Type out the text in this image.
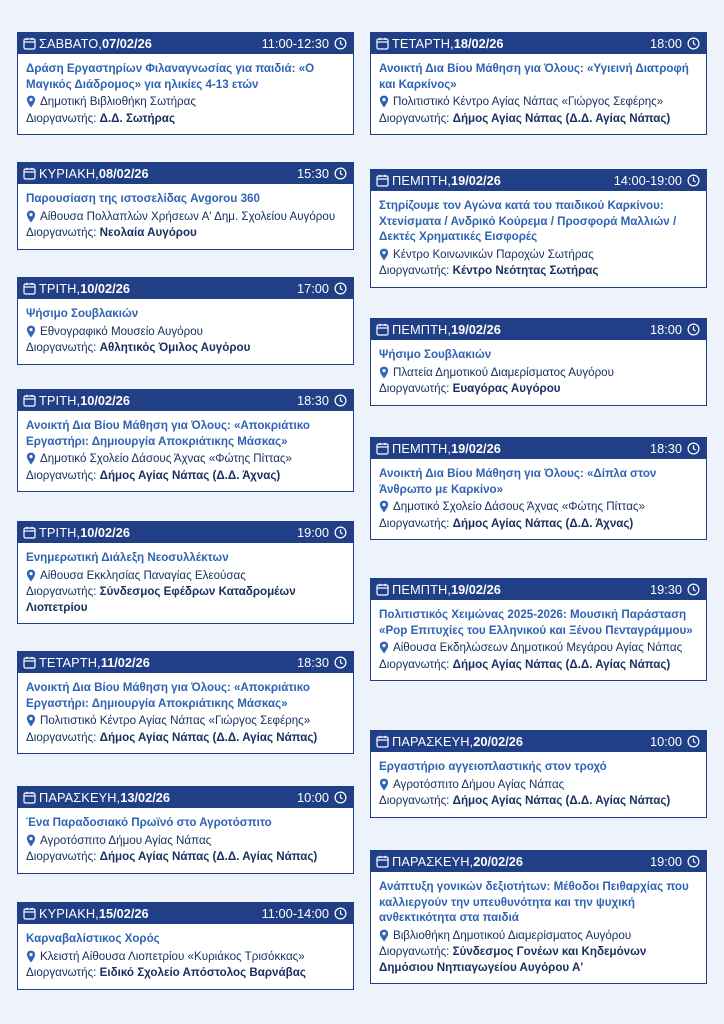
ΣΑΒΒΑΤΟ, 07/02/26	11:00-12:30
Δράση Εργαστηρίων Φιλαναγνωσίας για παιδιά: «Ο Μαγικός Διάδρομος» για ηλικίες 4-13 ετών
Δημοτική Βιβλιοθήκη Σωτήρας
Διοργανωτής: Δ.Δ. Σωτήρας
ΚΥΡΙΑΚΗ, 08/02/26	15:30
Παρουσίαση της ιστοσελίδας Avgorou 360
Αίθουσα Πολλαπλών Χρήσεων Α' Δημ. Σχολείου Αυγόρου
Διοργανωτής: Νεολαία Αυγόρου
ΤΡΙΤΗ, 10/02/26	17:00
Ψήσιμο Σουβλακιών
Εθνογραφικό Μουσείο Αυγόρου
Διοργανωτής: Αθλητικός Όμιλος Αυγόρου
ΤΡΙΤΗ, 10/02/26	18:30
Ανοικτή Δια Βίου Μάθηση για Όλους: «Αποκριάτικο Εργαστήρι: Δημιουργία Αποκριάτικης Μάσκας»
Δημοτικό Σχολείο Δάσους Άχνας «Φώτης Πίττας»
Διοργανωτής: Δήμος Αγίας Νάπας (Δ.Δ. Άχνας)
ΤΡΙΤΗ, 10/02/26	19:00
Ενημερωτική Διάλεξη Νεοσυλλέκτων
Αίθουσα Εκκλησίας Παναγίας Ελεούσας
Διοργανωτής: Σύνδεσμος Εφέδρων Καταδρομέων Λιοπετρίου
ΤΕΤΑΡΤΗ, 11/02/26	18:30
Ανοικτή Δια Βίου Μάθηση για Όλους: «Αποκριάτικο Εργαστήρι: Δημιουργία Αποκριάτικης Μάσκας»
Πολιτιστικό Κέντρο Αγίας Νάπας «Γιώργος Σεφέρης»
Διοργανωτής: Δήμος Αγίας Νάπας (Δ.Δ. Αγίας Νάπας)
ΠΑΡΑΣΚΕΥΗ, 13/02/26	10:00
Ένα Παραδοσιακό Πρωϊνό στο Αγροτόσπιτο
Αγροτόσπιτο Δήμου Αγίας Νάπας
Διοργανωτής: Δήμος Αγίας Νάπας (Δ.Δ. Αγίας Νάπας)
ΚΥΡΙΑΚΗ, 15/02/26	11:00-14:00
Καρναβαλίστικος Χορός
Κλειστή Αίθουσα Λιοπετρίου «Κυριάκος Τρισόκκας»
Διοργανωτής: Ειδικό Σχολείο Απόστολος Βαρνάβας
ΤΕΤΑΡΤΗ, 18/02/26	18:00
Ανοικτή Δια Βίου Μάθηση για Όλους: «Υγιεινή Διατροφή και Καρκίνος»
Πολιτιστικό Κέντρο Αγίας Νάπας «Γιώργος Σεφέρης»
Διοργανωτής: Δήμος Αγίας Νάπας (Δ.Δ. Αγίας Νάπας)
ΠΕΜΠΤΗ, 19/02/26	14:00-19:00
Στηρίζουμε τον Αγώνα κατά του παιδικού Καρκίνου: Χτενίσματα / Ανδρικό Κούρεμα / Προσφορά Μαλλιών / Δεκτές Χρηματικές Εισφορές
Κέντρο Κοινωνικών Παροχών Σωτήρας
Διοργανωτής: Κέντρο Νεότητας Σωτήρας
ΠΕΜΠΤΗ, 19/02/26	18:00
Ψήσιμο Σουβλακιών
Πλατεία Δημοτικού Διαμερίσματος Αυγόρου
Διοργανωτής: Ευαγόρας Αυγόρου
ΠΕΜΠΤΗ, 19/02/26	18:30
Ανοικτή Δια Βίου Μάθηση για Όλους: «Δίπλα στον Άνθρωπο με Καρκίνο»
Δημοτικό Σχολείο Δάσους Άχνας «Φώτης Πίττας»
Διοργανωτής: Δήμος Αγίας Νάπας (Δ.Δ. Άχνας)
ΠΕΜΠΤΗ, 19/02/26	19:30
Πολιτιστικός Χειμώνας 2025-2026: Μουσική Παράσταση «Pop Επιτυχίες του Ελληνικού και Ξένου Πενταγράμμου»
Αίθουσα Εκδηλώσεων Δημοτικού Μεγάρου Αγίας Νάπας
Διοργανωτής: Δήμος Αγίας Νάπας (Δ.Δ. Αγίας Νάπας)
ΠΑΡΑΣΚΕΥΗ, 20/02/26	10:00
Εργαστήριο αγγειοπλαστικής στον τροχό
Αγροτόσπιτο Δήμου Αγίας Νάπας
Διοργανωτής: Δήμος Αγίας Νάπας (Δ.Δ. Αγίας Νάπας)
ΠΑΡΑΣΚΕΥΗ, 20/02/26	19:00
Ανάπτυξη γονικών δεξιοτήτων: Μέθοδοι Πειθαρχίας που καλλιεργούν την υπευθυνότητα και την ψυχική ανθεκτικότητα στα παιδιά
Βιβλιοθήκη Δημοτικού Διαμερίσματος Αυγόρου
Διοργανωτής: Σύνδεσμος Γονέων και Κηδεμόνων Δημόσιου Νηπιαγωγείου Αυγόρου Α'
